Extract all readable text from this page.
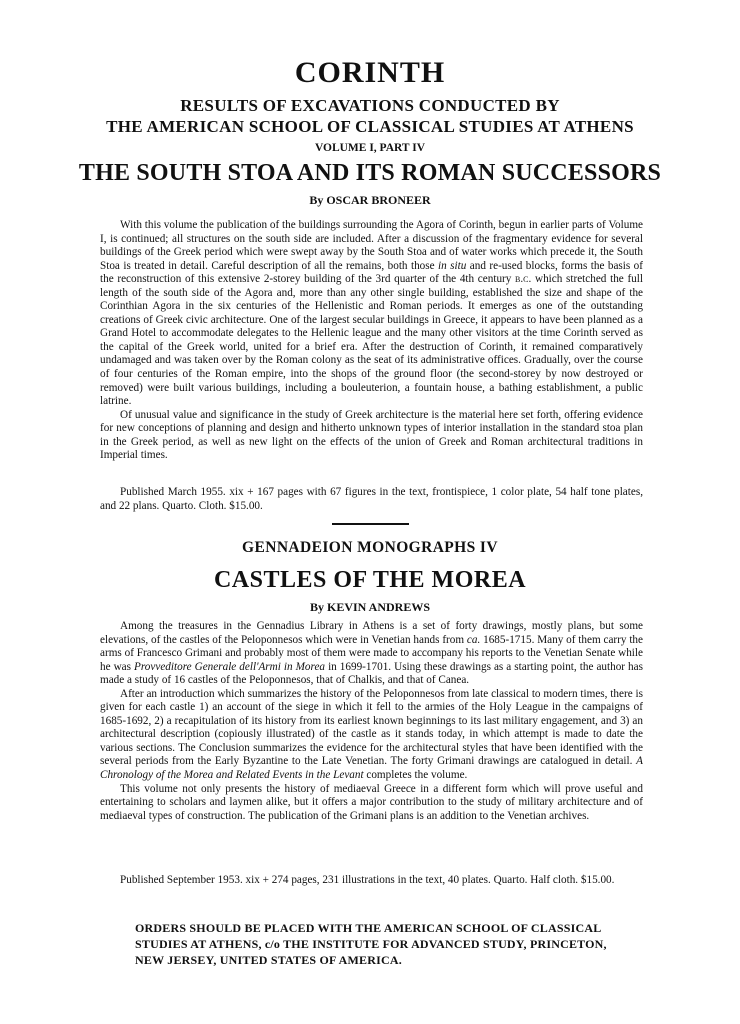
CORINTH
RESULTS OF EXCAVATIONS CONDUCTED BY
THE AMERICAN SCHOOL OF CLASSICAL STUDIES AT ATHENS
VOLUME I, PART IV
THE SOUTH STOA AND ITS ROMAN SUCCESSORS
By OSCAR BRONEER

With this volume the publication of the buildings surrounding the Agora of Corinth, begun in earlier parts of Volume I, is continued; all structures on the south side are included. After a discussion of the fragmentary evidence for several buildings of the Greek period which were swept away by the South Stoa and of water works which precede it, the South Stoa is treated in detail. Careful description of all the remains, both those in situ and re-used blocks, forms the basis of the reconstruction of this extensive 2-storey building of the 3rd quarter of the 4th century b.c. which stretched the full length of the south side of the Agora and, more than any other single building, established the size and shape of the Corinthian Agora in the six centuries of the Hellenistic and Roman periods. It emerges as one of the outstanding creations of Greek civic architecture. One of the largest secular buildings in Greece, it appears to have been planned as a Grand Hotel to accommodate delegates to the Hellenic league and the many other visitors at the time Corinth served as the capital of the Greek world, united for a brief era. After the destruction of Corinth, it remained comparatively undamaged and was taken over by the Roman colony as the seat of its administrative offices. Gradually, over the course of four centuries of the Roman empire, into the shops of the ground floor (the second-storey by now destroyed or removed) were built various buildings, including a bouleuterion, a fountain house, a bathing establishment, a public latrine.

Of unusual value and significance in the study of Greek architecture is the material here set forth, offering evidence for new conceptions of planning and design and hitherto unknown types of interior installation in the standard stoa plan in the Greek period, as well as new light on the effects of the union of Greek and Roman architectural traditions in Imperial times.

Published March 1955. xix + 167 pages with 67 figures in the text, frontispiece, 1 color plate, 54 half tone plates, and 22 plans. Quarto. Cloth. $15.00.

GENNADEION MONOGRAPHS IV
CASTLES OF THE MOREA
By KEVIN ANDREWS

Among the treasures in the Gennadius Library in Athens is a set of forty drawings, mostly plans, but some elevations, of the castles of the Peloponnesos which were in Venetian hands from ca. 1685-1715. Many of them carry the arms of Francesco Grimani and probably most of them were made to accompany his reports to the Venetian Senate while he was Provveditore Generale dell'Armi in Morea in 1699-1701. Using these drawings as a starting point, the author has made a study of 16 castles of the Peloponnesos, that of Chalkis, and that of Canea.

After an introduction which summarizes the history of the Peloponnesos from late classical to modern times, there is given for each castle 1) an account of the siege in which it fell to the armies of the Holy League in the campaigns of 1685-1692, 2) a recapitulation of its history from its earliest known beginnings to its last military engagement, and 3) an architectural description (copiously illustrated) of the castle as it stands today, in which attempt is made to date the various sections. The Conclusion summarizes the evidence for the architectural styles that have been identified with the several periods from the Early Byzantine to the Late Venetian. The forty Grimani drawings are catalogued in detail. A Chronology of the Morea and Related Events in the Levant completes the volume.

This volume not only presents the history of mediaeval Greece in a different form which will prove useful and entertaining to scholars and laymen alike, but it offers a major contribution to the study of military architecture and of mediaeval types of construction. The publication of the Grimani plans is an addition to the Venetian archives.

Published September 1953. xix + 274 pages, 231 illustrations in the text, 40 plates. Quarto. Half cloth. $15.00.

ORDERS SHOULD BE PLACED WITH THE AMERICAN SCHOOL OF CLASSICAL STUDIES AT ATHENS, c/o THE INSTITUTE FOR ADVANCED STUDY, PRINCETON, NEW JERSEY, UNITED STATES OF AMERICA.
